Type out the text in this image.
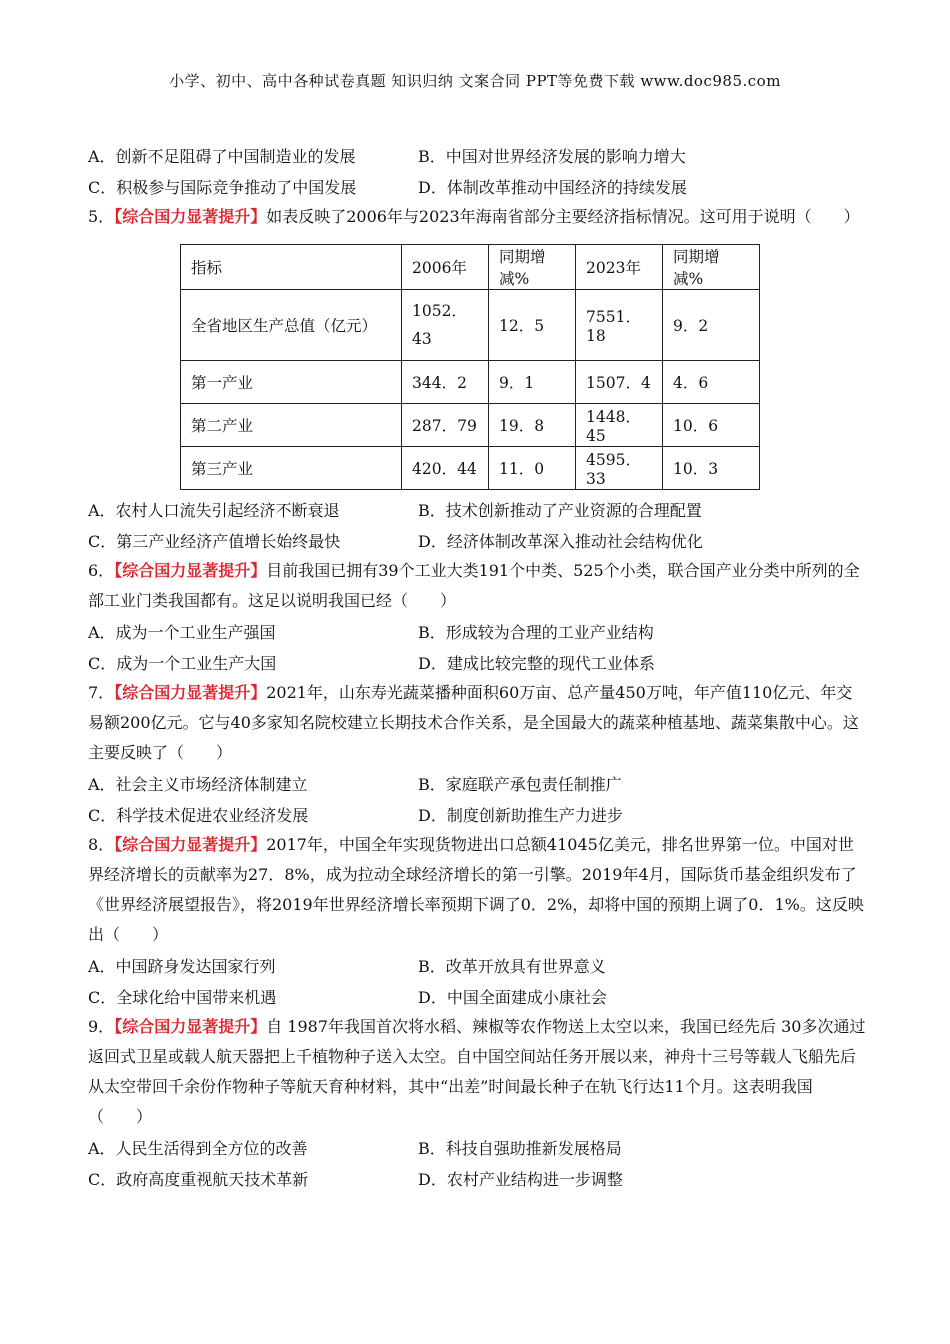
小学、初中、高中各种试卷真题 知识归纳 文案合同 PPT等免费下载 www.doc985.com
A．创新不足阻碍了中国制造业的发展	B．中国对世界经济发展的影响力增大
C．积极参与国际竞争推动了中国发展	D．体制改革推动中国经济的持续发展

5．【综合国力显著提升】如表反映了2006年与2023年海南省部分主要经济指标情况。这可用于说明（　　）

指标	2006年	同期增减%	2023年	同期增减%
全省地区生产总值（亿元）	1052．43	12．5	7551．18	9．2
第一产业	344．2	9．1	1507．4	4．6
第二产业	287．79	19．8	1448．45	10．6
第三产业	420．44	11．0	4595．33	10．3
A．农村人口流失引起经济不断衰退	B．技术创新推动了产业资源的合理配置
C．第三产业经济产值增长始终最快	D．经济体制改革深入推动社会结构优化

6．【综合国力显著提升】目前我国已拥有39个工业大类191个中类、525个小类，联合国产业分类中所列的全部工业门类我国都有。这足以说明我国已经（　　）

A．成为一个工业生产强国	B．形成较为合理的工业产业结构
C．成为一个工业生产大国	D．建成比较完整的现代工业体系

7．【综合国力显著提升】2021年，山东寿光蔬菜播种面积60万亩、总产量450万吨，年产值110亿元、年交易额200亿元。它与40多家知名院校建立长期技术合作关系，是全国最大的蔬菜种植基地、蔬菜集散中心。这主要反映了（　　）

A．社会主义市场经济体制建立	B．家庭联产承包责任制推广
C．科学技术促进农业经济发展	D．制度创新助推生产力进步

8．【综合国力显著提升】2017年，中国全年实现货物进出口总额41045亿美元，排名世界第一位。中国对世界经济增长的贡献率为27．8%，成为拉动全球经济增长的第一引擎。2019年4月，国际货币基金组织发布了《世界经济展望报告》，将2019年世界经济增长率预期下调了0．2%，却将中国的预期上调了0．1%。这反映出（　　）

A．中国跻身发达国家行列	B．改革开放具有世界意义
C．全球化给中国带来机遇	D．中国全面建成小康社会

9．【综合国力显著提升】自 1987年我国首次将水稻、辣椒等农作物送上太空以来，我国已经先后 30多次通过返回式卫星或载人航天器把上千植物种子送入太空。自中国空间站任务开展以来，神舟十三号等载人飞船先后从太空带回千余份作物种子等航天育种材料，其中“出差”时间最长种子在轨飞行达11个月。这表明我国（　　）

A．人民生活得到全方位的改善	B．科技自强助推新发展格局
C．政府高度重视航天技术革新	D．农村产业结构进一步调整
